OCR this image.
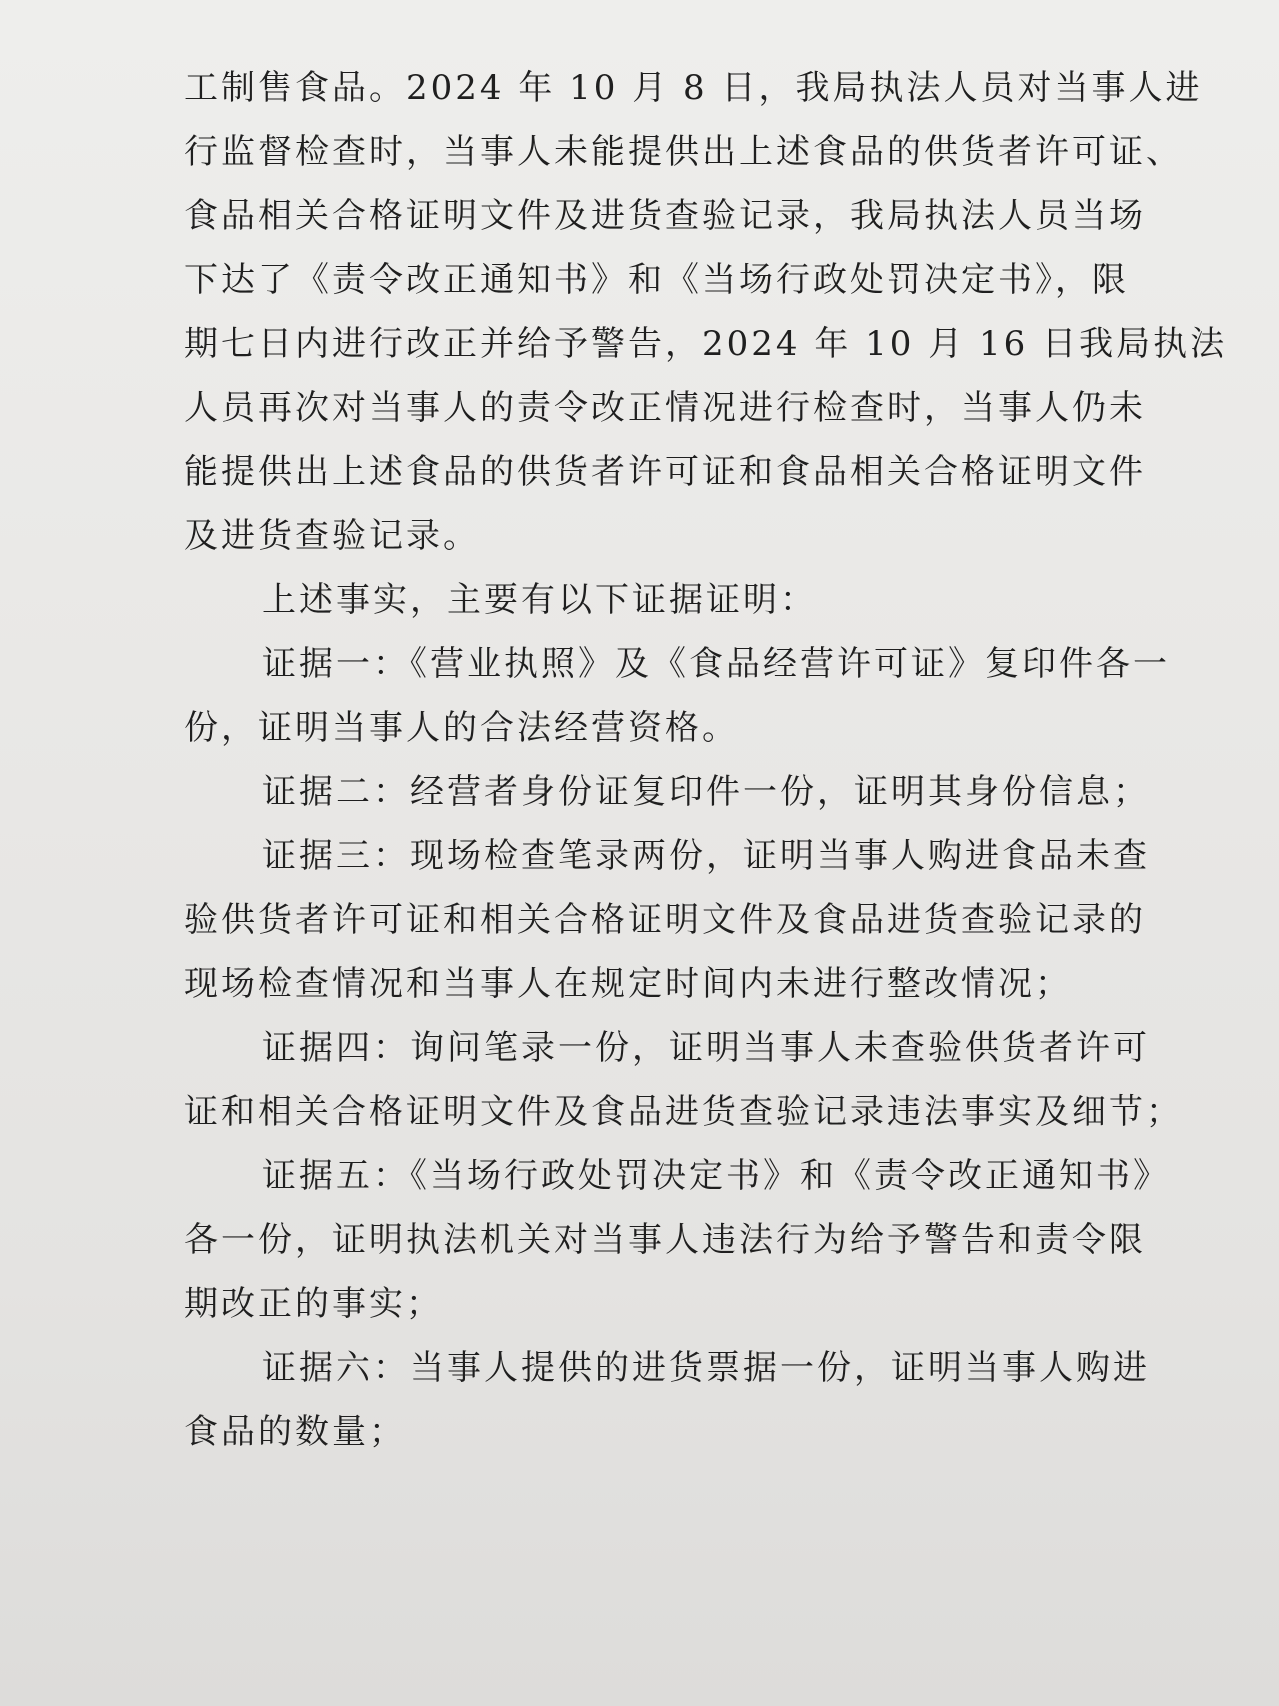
工制售食品。2024 年 10 月 8 日，我局执法人员对当事人进
行监督检查时，当事人未能提供出上述食品的供货者许可证、
食品相关合格证明文件及进货查验记录，我局执法人员当场
下达了《责令改正通知书》和《当场行政处罚决定书》，限
期七日内进行改正并给予警告，2024 年 10 月 16 日我局执法
人员再次对当事人的责令改正情况进行检查时，当事人仍未
能提供出上述食品的供货者许可证和食品相关合格证明文件
及进货查验记录。
上述事实，主要有以下证据证明：
证据一：《营业执照》及《食品经营许可证》复印件各一
份，证明当事人的合法经营资格。
证据二：经营者身份证复印件一份，证明其身份信息；
证据三：现场检查笔录两份，证明当事人购进食品未查
验供货者许可证和相关合格证明文件及食品进货查验记录的
现场检查情况和当事人在规定时间内未进行整改情况；
证据四：询问笔录一份，证明当事人未查验供货者许可
证和相关合格证明文件及食品进货查验记录违法事实及细节；
证据五：《当场行政处罚决定书》和《责令改正通知书》
各一份，证明执法机关对当事人违法行为给予警告和责令限
期改正的事实；
证据六：当事人提供的进货票据一份，证明当事人购进
食品的数量；
